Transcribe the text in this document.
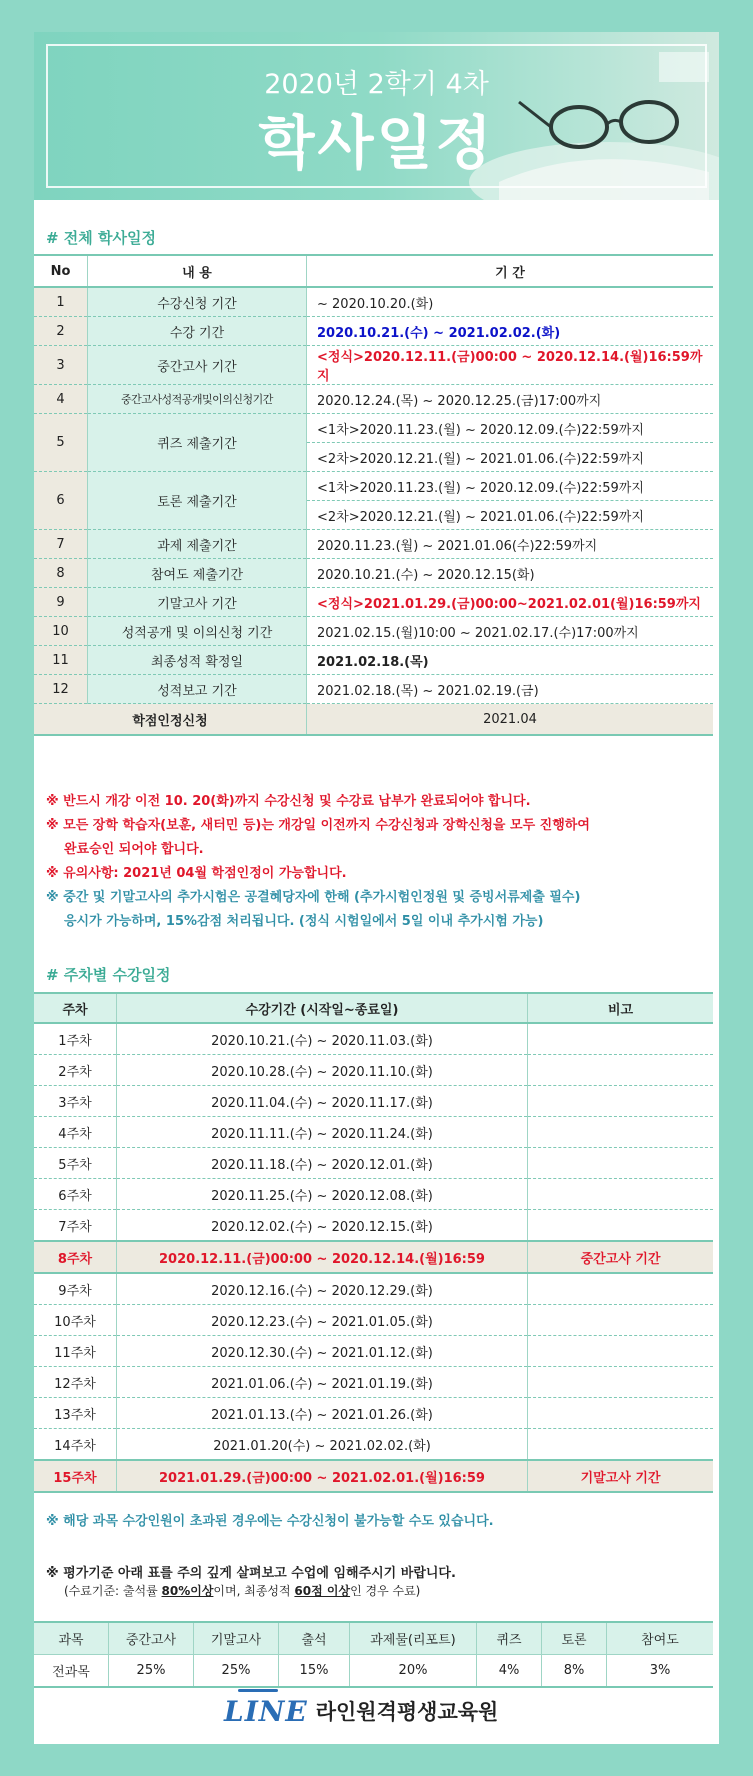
2020년 2학기 4차
학사일정
# 전체 학사일정
No	내 용	기 간
1	수강신청 기간	~ 2020.10.20.(화)
2	수강 기간	2020.10.21.(수) ~ 2021.02.02.(화)
3	중간고사 기간	<정식>2020.12.11.(금)00:00 ~ 2020.12.14.(월)16:59까지
4	중간고사성적공개및이의신청기간	2020.12.24.(목) ~ 2020.12.25.(금)17:00까지
5	퀴즈 제출기간	<1차>2020.11.23.(월) ~ 2020.12.09.(수)22:59까지
		<2차>2020.12.21.(월) ~ 2021.01.06.(수)22:59까지
6	토론 제출기간	<1차>2020.11.23.(월) ~ 2020.12.09.(수)22:59까지
		<2차>2020.12.21.(월) ~ 2021.01.06.(수)22:59까지
7	과제 제출기간	2020.11.23.(월) ~ 2021.01.06(수)22:59까지
8	참여도 제출기간	2020.10.21.(수) ~ 2020.12.15(화)
9	기말고사 기간	<정식>2021.01.29.(금)00:00~2021.02.01(월)16:59까지
10	성적공개 및 이의신청 기간	2021.02.15.(월)10:00 ~ 2021.02.17.(수)17:00까지
11	최종성적 확정일	2021.02.18.(목)
12	성적보고 기간	2021.02.18.(목) ~ 2021.02.19.(금)
학점인정신청		2021.04
※ 반드시 개강 이전 10. 20(화)까지 수강신청 및 수강료 납부가 완료되어야 합니다.
※ 모든 장학 학습자(보훈, 새터민 등)는 개강일 이전까지 수강신청과 장학신청을 모두 진행하여
완료승인 되어야 합니다.
※ 유의사항: 2021년 04월 학점인정이 가능합니다.
※ 중간 및 기말고사의 추가시험은 공결혜당자에 한해 (추가시험인정원 및 증빙서류제출 필수)
응시가 가능하며, 15%감점 처리됩니다. (정식 시험일에서 5일 이내 추가시험 가능)
# 주차별 수강일정
주차	수강기간 (시작일~종료일)	비고
1주차	2020.10.21.(수) ~ 2020.11.03.(화)	
2주차	2020.10.28.(수) ~ 2020.11.10.(화)	
3주차	2020.11.04.(수) ~ 2020.11.17.(화)	
4주차	2020.11.11.(수) ~ 2020.11.24.(화)	
5주차	2020.11.18.(수) ~ 2020.12.01.(화)	
6주차	2020.11.25.(수) ~ 2020.12.08.(화)	
7주차	2020.12.02.(수) ~ 2020.12.15.(화)	
8주차	2020.12.11.(금)00:00 ~ 2020.12.14.(월)16:59	중간고사 기간
9주차	2020.12.16.(수) ~ 2020.12.29.(화)	
10주차	2020.12.23.(수) ~ 2021.01.05.(화)	
11주차	2020.12.30.(수) ~ 2021.01.12.(화)	
12주차	2021.01.06.(수) ~ 2021.01.19.(화)	
13주차	2021.01.13.(수) ~ 2021.01.26.(화)	
14주차	2021.01.20(수) ~ 2021.02.02.(화)	
15주차	2021.01.29.(금)00:00 ~ 2021.02.01.(월)16:59	기말고사 기간
※ 해당 과목 수강인원이 초과된 경우에는 수강신청이 불가능할 수도 있습니다.
※ 평가기준 아래 표를 주의 깊게 살펴보고 수업에 임해주시기 바랍니다.
(수료기준: 출석률 80%이상이며, 최종성적 60점 이상인 경우 수료)
과목	중간고사	기말고사	출석	과제물(리포트)	퀴즈	토론	참여도
전과목	25%	25%	15%	20%	4%	8%	3%
LINE 라인원격평생교육원
